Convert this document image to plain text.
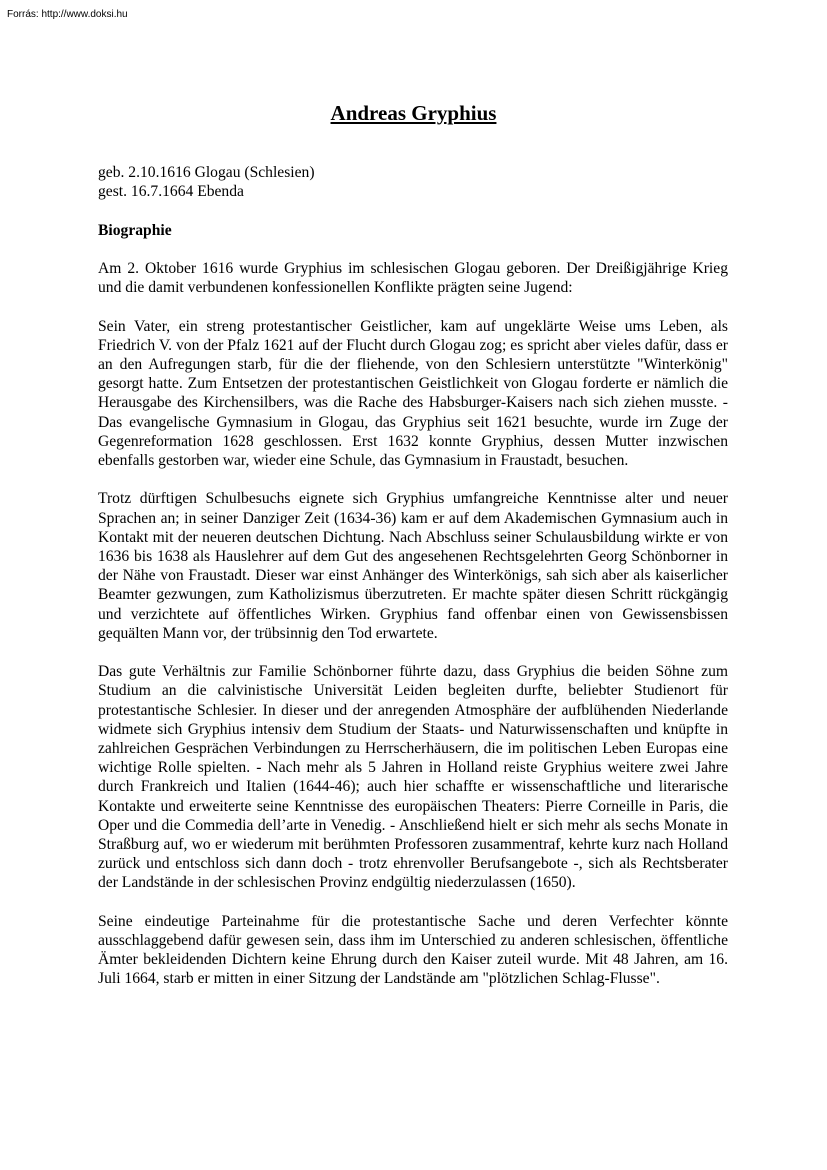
Forrás: http://www.doksi.hu
Andreas Gryphius
geb. 2.10.1616 Glogau (Schlesien)
gest. 16.7.1664 Ebenda
Biographie

Am 2. Oktober 1616 wurde Gryphius im schlesischen Glogau geboren. Der Dreißigjährige Krieg und die damit verbundenen konfessionellen Konflikte prägten seine Jugend:

Sein Vater, ein streng protestantischer Geistlicher, kam auf ungeklärte Weise ums Leben, als Friedrich V. von der Pfalz 1621 auf der Flucht durch Glogau zog; es spricht aber vieles dafür, dass er an den Aufregungen starb, für die der fliehende, von den Schlesiern unterstützte "Winterkönig" gesorgt hatte. Zum Entsetzen der protestantischen Geistlichkeit von Glogau forderte er nämlich die Herausgabe des Kirchensilbers, was die Rache des Habsburger-Kaisers nach sich ziehen musste. - Das evangelische Gymnasium in Glogau, das Gryphius seit 1621 besuchte, wurde irn Zuge der Gegenreformation 1628 geschlossen. Erst 1632 konnte Gryphius, dessen Mutter inzwischen ebenfalls gestorben war, wieder eine Schule, das Gymnasium in Fraustadt, besuchen.

Trotz dürftigen Schulbesuchs eignete sich Gryphius umfangreiche Kenntnisse alter und neuer Sprachen an; in seiner Danziger Zeit (1634-36) kam er auf dem Akademischen Gymnasium auch in Kontakt mit der neueren deutschen Dichtung. Nach Abschluss seiner Schulausbildung wirkte er von 1636 bis 1638 als Hauslehrer auf dem Gut des angesehenen Rechtsgelehrten Georg Schönborner in der Nähe von Fraustadt. Dieser war einst Anhänger des Winterkönigs, sah sich aber als kaiserlicher Beamter gezwungen, zum Katholizismus überzutreten. Er machte später diesen Schritt rückgängig und verzichtete auf öffentliches Wirken. Gryphius fand offenbar einen von Gewissensbissen gequälten Mann vor, der trübsinnig den Tod erwartete.

Das gute Verhältnis zur Familie Schönborner führte dazu, dass Gryphius die beiden Söhne zum Studium an die calvinistische Universität Leiden begleiten durfte, beliebter Studienort für protestantische Schlesier. In dieser und der anregenden Atmosphäre der aufblühenden Niederlande widmete sich Gryphius intensiv dem Studium der Staats- und Naturwissenschaften und knüpfte in zahlreichen Gesprächen Verbindungen zu Herrscherhäusern, die im politischen Leben Europas eine wichtige Rolle spielten. - Nach mehr als 5 Jahren in Holland reiste Gryphius weitere zwei Jahre durch Frankreich und Italien (1644-46); auch hier schaffte er wissenschaftliche und literarische Kontakte und erweiterte seine Kenntnisse des europäischen Theaters: Pierre Corneille in Paris, die Oper und die Commedia dell’arte in Venedig. - Anschließend hielt er sich mehr als sechs Monate in Straßburg auf, wo er wiederum mit berühmten Professoren zusammentraf, kehrte kurz nach Holland zurück und entschloss sich dann doch - trotz ehrenvoller Berufsangebote -, sich als Rechtsberater der Landstände in der schlesischen Provinz endgültig niederzulassen (1650).

Seine eindeutige Parteinahme für die protestantische Sache und deren Verfechter könnte ausschlaggebend dafür gewesen sein, dass ihm im Unterschied zu anderen schlesischen, öffentliche Ämter bekleidenden Dichtern keine Ehrung durch den Kaiser zuteil wurde. Mit 48 Jahren, am 16. Juli 1664, starb er mitten in einer Sitzung der Landstände am "plötzlichen Schlag-Flusse".
